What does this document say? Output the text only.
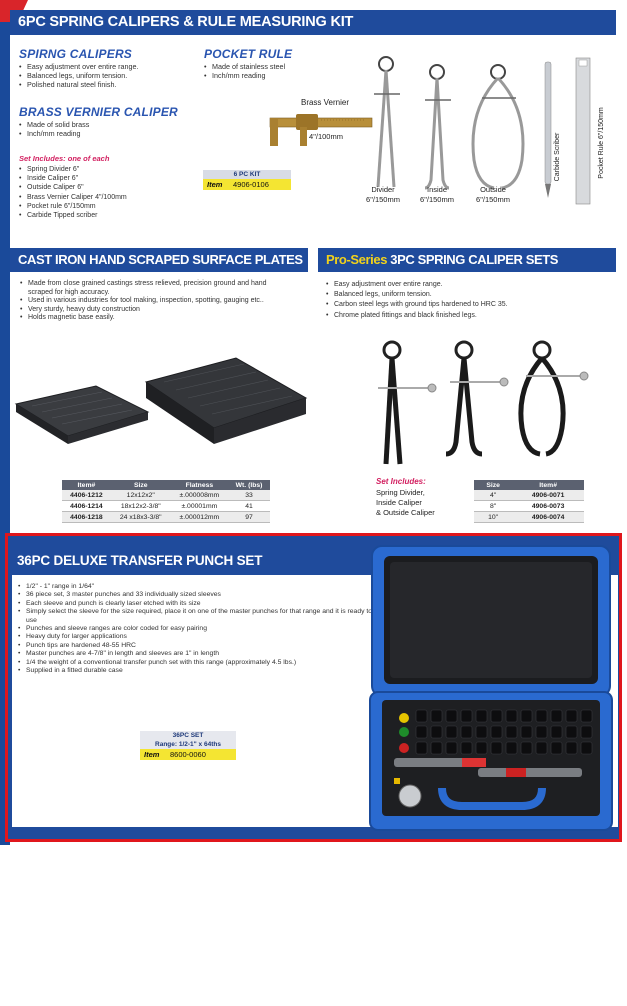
6PC SPRING CALIPERS & RULE MEASURING KIT
SPIRNG CALIPERS
• Easy adjustment over entire range.
• Balanced legs, uniform tension.
• Polished natural steel finish.
BRASS VERNIER CALIPER
• Made of solid brass
• Inch/mm reading
Set Includes: one of each
• Spring Divider 6"
• Inside Caliper 6"
• Outside Caliper 6"
• Brass Vernier Caliper 4"/100mm
• Pocket rule 6"/150mm
• Carbide Tipped scriber
POCKET RULE
• Made of stainless steel
• Inch/mm reading
6 PC KIT
Item	4906-0106
Brass Vernier
4"/100mm
Divider
6"/150mm
Inside
6"/150mm
Outside
6"/150mm
Carbide Scriber	Pocket Rule 6"/150mm
CAST IRON HAND SCRAPED SURFACE PLATES
• Made from close grained castings stress relieved, precision ground and hand scraped for high accuracy.
• Used in various industries for tool making, inspection, spotting, gauging etc..
• Very sturdy, heavy duty construction
• Holds magnetic base easily.
Item#	Size	Flatness	Wt. (lbs)
4406-1212	12x12x2"	±.000008mm	33
4406-1214	18x12x2-3/8"	±.00001mm	41
4406-1218	24 x18x3-3/8"	±.000012mm	97
Pro-Series 3PC SPRING CALIPER SETS
• Easy adjustment over entire range.
• Balanced legs, uniform tension.
• Carbon steel legs with ground tips hardened to HRC 35.
• Chrome plated fittings and black finished legs.
Set Includes:
Spring Divider,
Inside Caliper
& Outside Caliper
Size	Item#
4"	4906-0071
8"	4906-0073
10"	4906-0074
36PC DELUXE TRANSFER PUNCH SET
• 1/2" - 1" range in 1/64"
• 36 piece set, 3 master punches and 33 individually sized sleeves
• Each sleeve and punch is clearly laser etched with its size
• Simply select the sleeve for the size required, place it on one of the master punches for that range and it is ready to use
• Punches and sleeve ranges are color coded for easy pairing
• Heavy duty for larger applications
• Punch tips are hardened 48-55 HRC
• Master punches are 4-7/8" in length and sleeves are 1" in length
• 1/4 the weight of a conventional transfer punch set with this range (approximately 4.5 lbs.)
• Supplied in a fitted durable case
36PC SET
Range: 1/2-1" x 64ths
Item	8600-0060
